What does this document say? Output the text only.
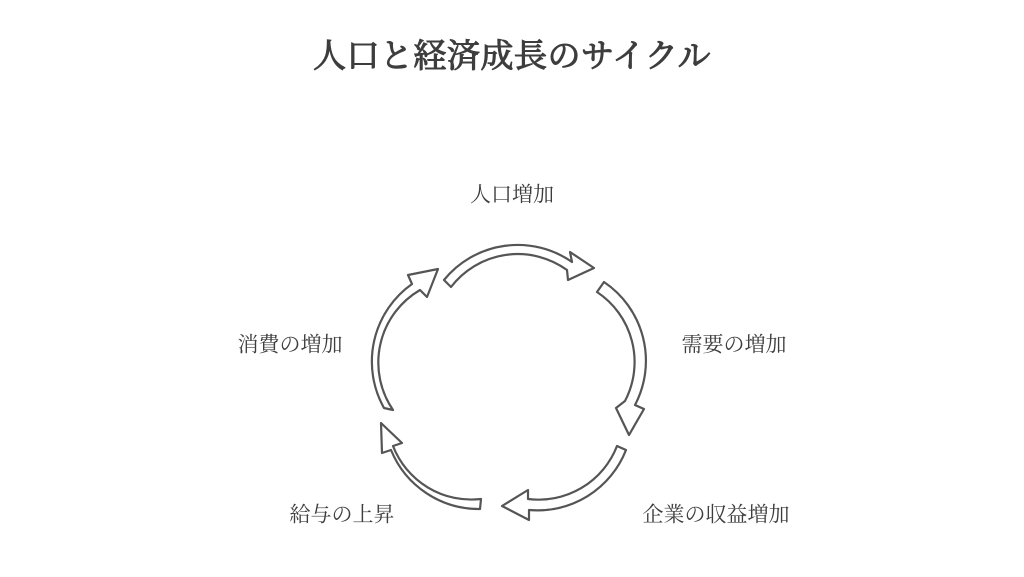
人口と経済成長のサイクル
人口増加
需要の増加
企業の収益増加
給与の上昇
消費の増加
